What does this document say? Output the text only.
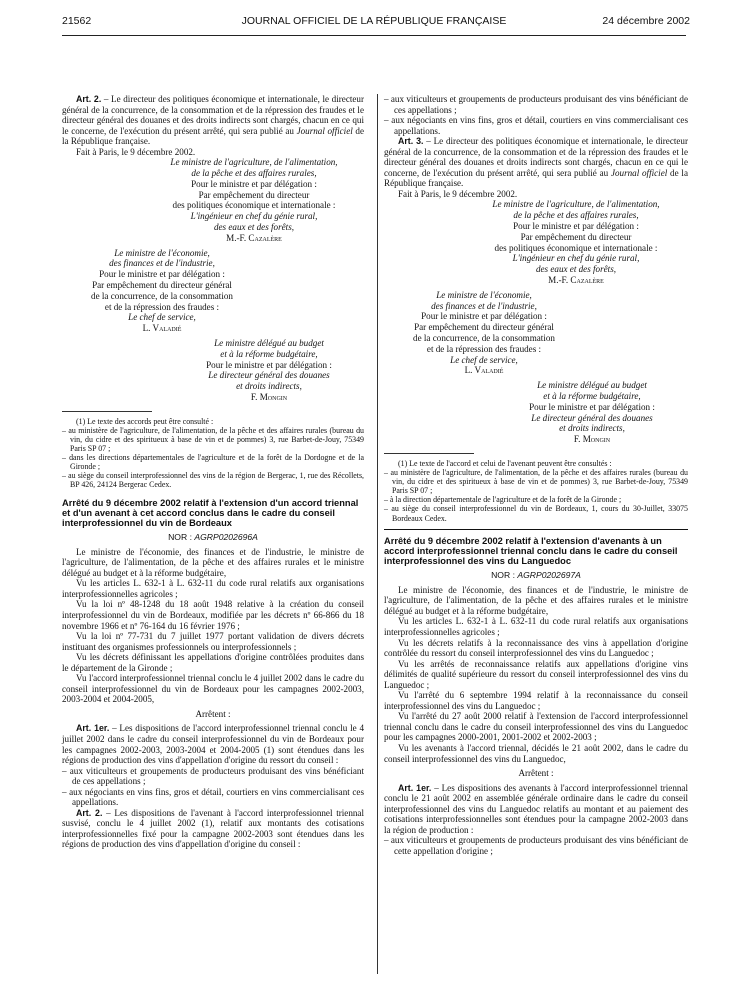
21562	JOURNAL OFFICIEL DE LA RÉPUBLIQUE FRANÇAISE	24 décembre 2002

Art. 2. – Le directeur des politiques économique et internationale, le directeur général de la concurrence, de la consommation et de la répression des fraudes et le directeur général des douanes et des droits indirects sont chargés, chacun en ce qui le concerne, de l'exécution du présent arrêté, qui sera publié au Journal officiel de la République française.

Fait à Paris, le 9 décembre 2002.

Le ministre de l'agriculture, de l'alimentation,
de la pêche et des affaires rurales,
Pour le ministre et par délégation :
Par empêchement du directeur
des politiques économique et internationale :
L'ingénieur en chef du génie rural,
des eaux et des forêts,
M.-F. Cazalère
Le ministre de l'économie,
des finances et de l'industrie,
Pour le ministre et par délégation :
Par empêchement du directeur général
de la concurrence, de la consommation
et de la répression des fraudes :
Le chef de service,
L. Valadié
Le ministre délégué au budget
et à la réforme budgétaire,
Pour le ministre et par délégation :
Le directeur général des douanes
et droits indirects,
F. Mongin

(1) Le texte des accords peut être consulté :

– au ministère de l'agriculture, de l'alimentation, de la pêche et des affaires rurales (bureau du vin, du cidre et des spiritueux à base de vin et de pommes) 3, rue Barbet-de-Jouy, 75349 Paris SP 07 ;

– dans les directions départementales de l'agriculture et de la forêt de la Dordogne et de la Gironde ;

– au siège du conseil interprofessionnel des vins de la région de Bergerac, 1, rue des Récollets, BP 426, 24124 Bergerac Cedex.

Arrêté du 9 décembre 2002 relatif à l'extension d'un accord triennal et d'un avenant à cet accord conclus dans le cadre du conseil interprofessionnel du vin de Bordeaux

NOR : AGRP0202696A

Le ministre de l'économie, des finances et de l'industrie, le ministre de l'agriculture, de l'alimentation, de la pêche et des affaires rurales et le ministre délégué au budget et à la réforme budgétaire,

Vu les articles L. 632-1 à L. 632-11 du code rural relatifs aux organisations interprofessionnelles agricoles ;

Vu la loi nº 48-1248 du 18 août 1948 relative à la création du conseil interprofessionnel du vin de Bordeaux, modifiée par les décrets nº 66-866 du 18 novembre 1966 et nº 76-164 du 16 février 1976 ;

Vu la loi nº 77-731 du 7 juillet 1977 portant validation de divers décrets instituant des organismes professionnels ou interprofessionnels ;

Vu les décrets définissant les appellations d'origine contrôlées produites dans le département de la Gironde ;

Vu l'accord interprofessionnel triennal conclu le 4 juillet 2002 dans le cadre du conseil interprofessionnel du vin de Bordeaux pour les campagnes 2002-2003, 2003-2004 et 2004-2005,

Arrêtent :

Art. 1er. – Les dispositions de l'accord interprofessionnel triennal conclu le 4 juillet 2002 dans le cadre du conseil interprofessionnel du vin de Bordeaux pour les campagnes 2002-2003, 2003-2004 et 2004-2005 (1) sont étendues dans les régions de production des vins d'appellation d'origine du ressort du conseil :

– aux viticulteurs et groupements de producteurs produisant des vins bénéficiant de ces appellations ;

– aux négociants en vins fins, gros et détail, courtiers en vins commercialisant ces appellations.

Art. 2. – Les dispositions de l'avenant à l'accord interprofessionnel triennal susvisé, conclu le 4 juillet 2002 (1), relatif aux montants des cotisations interprofessionnelles fixé pour la campagne 2002-2003 sont étendues dans les régions de production des vins d'appellation d'origine du conseil :

– aux viticulteurs et groupements de producteurs produisant des vins bénéficiant de ces appellations ;

– aux négociants en vins fins, gros et détail, courtiers en vins commercialisant ces appellations.

Art. 3. – Le directeur des politiques économique et internationale, le directeur général de la concurrence, de la consommation et de la répression des fraudes et le directeur général des douanes et droits indirects sont chargés, chacun en ce qui le concerne, de l'exécution du présent arrêté, qui sera publié au Journal officiel de la République française.

Fait à Paris, le 9 décembre 2002.

Le ministre de l'agriculture, de l'alimentation,
de la pêche et des affaires rurales,
Pour le ministre et par délégation :
Par empêchement du directeur
des politiques économique et internationale :
L'ingénieur en chef du génie rural,
des eaux et des forêts,
M.-F. Cazalère
Le ministre de l'économie,
des finances et de l'industrie,
Pour le ministre et par délégation :
Par empêchement du directeur général
de la concurrence, de la consommation
et de la répression des fraudes :
Le chef de service,
L. Valadié
Le ministre délégué au budget
et à la réforme budgétaire,
Pour le ministre et par délégation :
Le directeur général des douanes
et droits indirects,
F. Mongin

(1) Le texte de l'accord et celui de l'avenant peuvent être consultés :

– au ministère de l'agriculture, de l'alimentation, de la pêche et des affaires rurales (bureau du vin, du cidre et des spiritueux à base de vin et de pommes) 3, rue Barbet-de-Jouy, 75349 Paris SP 07 ;

– à la direction départementale de l'agriculture et de la forêt de la Gironde ;

– au siège du conseil interprofessionnel du vin de Bordeaux, 1, cours du 30-Juillet, 33075 Bordeaux Cedex.

Arrêté du 9 décembre 2002 relatif à l'extension d'avenants à un accord interprofessionnel triennal conclu dans le cadre du conseil interprofessionnel des vins du Languedoc

NOR : AGRP0202697A

Le ministre de l'économie, des finances et de l'industrie, le ministre de l'agriculture, de l'alimentation, de la pêche et des affaires rurales et le ministre délégué au budget et à la réforme budgétaire,

Vu les articles L. 632-1 à L. 632-11 du code rural relatifs aux organisations interprofessionnelles agricoles ;

Vu les décrets relatifs à la reconnaissance des vins à appellation d'origine contrôlée du ressort du conseil interprofessionnel des vins du Languedoc ;

Vu les arrêtés de reconnaissance relatifs aux appellations d'origine vins délimités de qualité supérieure du ressort du conseil interprofessionnel des vins du Languedoc ;

Vu l'arrêté du 6 septembre 1994 relatif à la reconnaissance du conseil interprofessionnel des vins du Languedoc ;

Vu l'arrêté du 27 août 2000 relatif à l'extension de l'accord interprofessionnel triennal conclu dans le cadre du conseil interprofessionnel des vins du Languedoc pour les campagnes 2000-2001, 2001-2002 et 2002-2003 ;

Vu les avenants à l'accord triennal, décidés le 21 août 2002, dans le cadre du conseil interprofessionnel des vins du Languedoc,

Arrêtent :

Art. 1er. – Les dispositions des avenants à l'accord interprofessionnel triennal conclu le 21 août 2002 en assemblée générale ordinaire dans le cadre du conseil interprofessionnel des vins du Languedoc relatifs au montant et au paiement des cotisations interprofessionnelles sont étendues pour la campagne 2002-2003 dans la région de production :

– aux viticulteurs et groupements de producteurs produisant des vins bénéficiant de cette appellation d'origine ;
